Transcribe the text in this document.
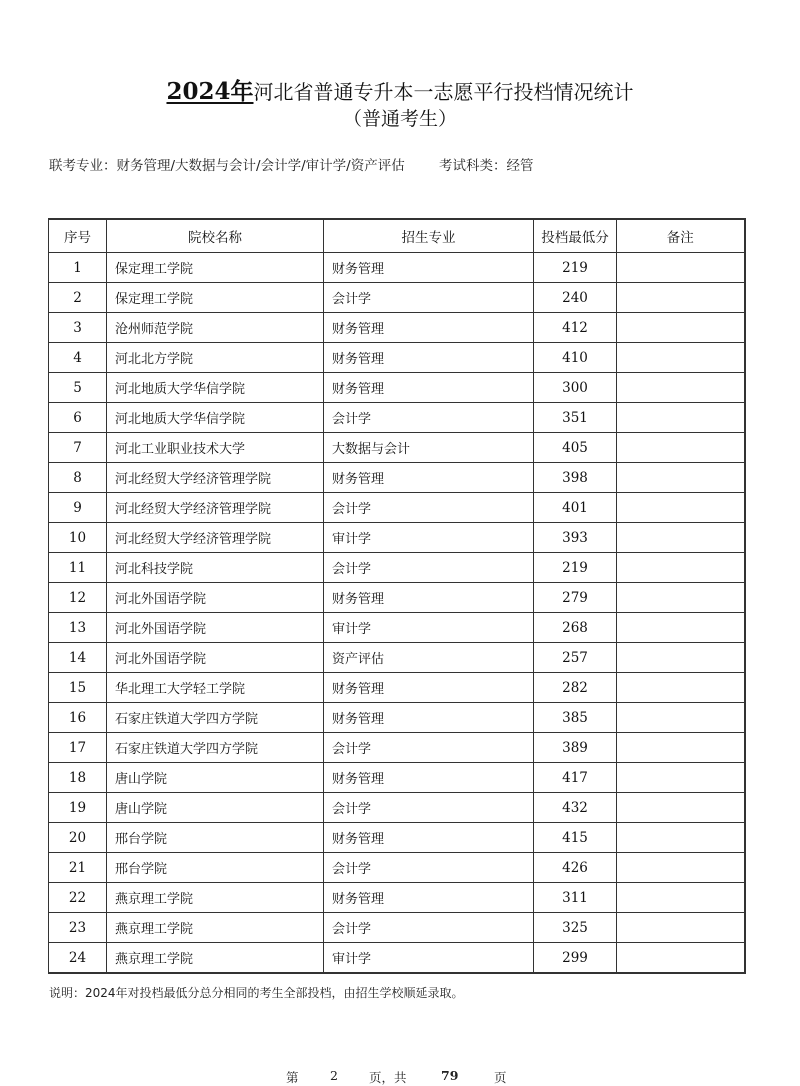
2024年河北省普通专升本一志愿平行投档情况统计
（普通考生）
联考专业：财务管理/大数据与会计/会计学/审计学/资产评估	考试科类：经管
序号	院校名称	招生专业	投档最低分	备注
1	保定理工学院	财务管理	219	
2	保定理工学院	会计学	240	
3	沧州师范学院	财务管理	412	
4	河北北方学院	财务管理	410	
5	河北地质大学华信学院	财务管理	300	
6	河北地质大学华信学院	会计学	351	
7	河北工业职业技术大学	大数据与会计	405	
8	河北经贸大学经济管理学院	财务管理	398	
9	河北经贸大学经济管理学院	会计学	401	
10	河北经贸大学经济管理学院	审计学	393	
11	河北科技学院	会计学	219	
12	河北外国语学院	财务管理	279	
13	河北外国语学院	审计学	268	
14	河北外国语学院	资产评估	257	
15	华北理工大学轻工学院	财务管理	282	
16	石家庄铁道大学四方学院	财务管理	385	
17	石家庄铁道大学四方学院	会计学	389	
18	唐山学院	财务管理	417	
19	唐山学院	会计学	432	
20	邢台学院	财务管理	415	
21	邢台学院	会计学	426	
22	燕京理工学院	财务管理	311	
23	燕京理工学院	会计学	325	
24	燕京理工学院	审计学	299	
说明：2024年对投档最低分总分相同的考生全部投档，由招生学校顺延录取。
第	2 页，共	79	页
